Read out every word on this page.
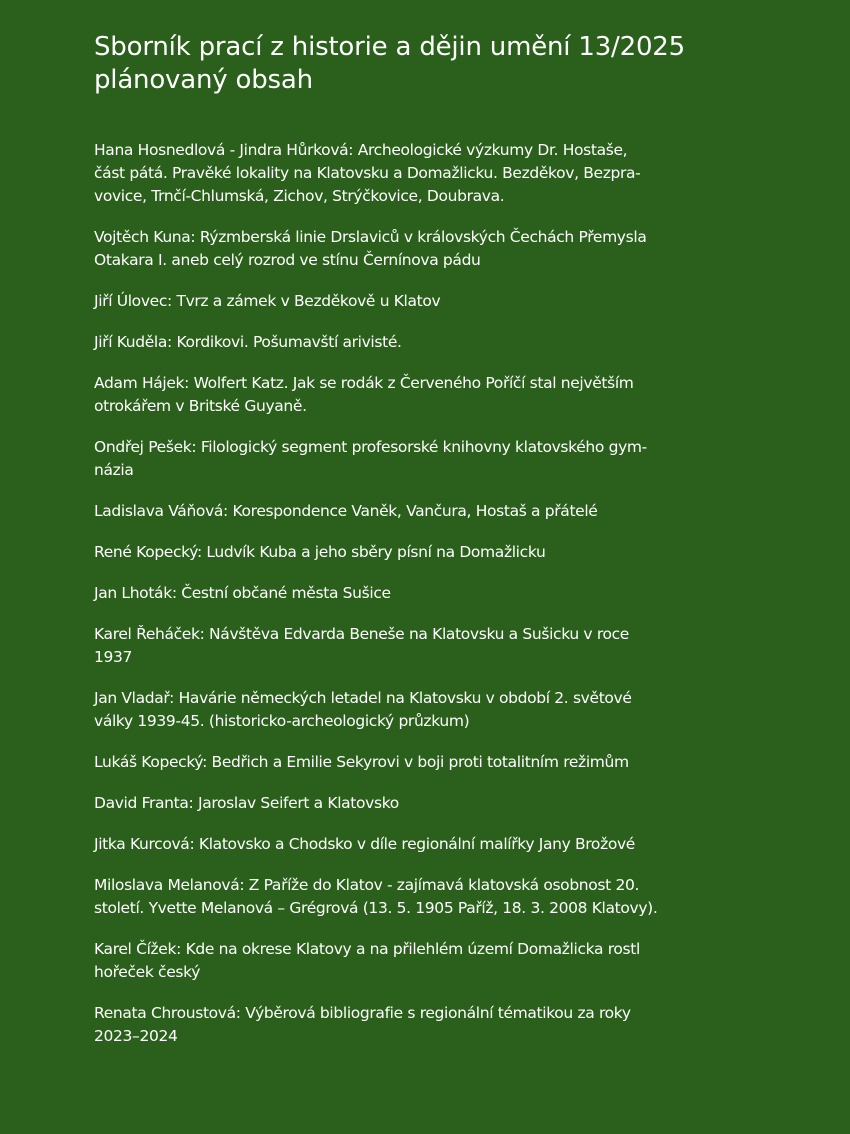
Sborník prací z historie a dějin umění 13/2025
plánovaný obsah
Hana Hosnedlová - Jindra Hůrková: Archeologické výzkumy Dr. Hostaše,
část pátá. Pravěké lokality na Klatovsku a Domažlicku. Bezděkov, Bezpra-
vovice, Trnčí-Chlumská, Zichov, Strýčkovice, Doubrava.
Vojtěch Kuna: Rýzmberská linie Drslaviců v královských Čechách Přemysla
Otakara I. aneb celý rozrod ve stínu Černínova pádu
Jiří Úlovec: Tvrz a zámek v Bezděkově u Klatov
Jiří Kuděla: Kordikovi. Pošumavští arivisté.
Adam Hájek: Wolfert Katz. Jak se rodák z Červeného Poříčí stal největším
otrokářem v Britské Guyaně.
Ondřej Pešek: Filologický segment profesorské knihovny klatovského gym-
názia
Ladislava Váňová: Korespondence Vaněk, Vančura, Hostaš a přátelé
René Kopecký: Ludvík Kuba a jeho sběry písní na Domažlicku
Jan Lhoták: Čestní občané města Sušice
Karel Řeháček: Návštěva Edvarda Beneše na Klatovsku a Sušicku v roce
1937
Jan Vladař: Havárie německých letadel na Klatovsku v období 2. světové
války 1939-45. (historicko-archeologický průzkum)
Lukáš Kopecký: Bedřich a Emilie Sekyrovi v boji proti totalitním režimům
David Franta: Jaroslav Seifert a Klatovsko
Jitka Kurcová: Klatovsko a Chodsko v díle regionální malířky Jany Brožové
Miloslava Melanová: Z Paříže do Klatov - zajímavá klatovská osobnost 20.
století. Yvette Melanová – Grégrová (13. 5. 1905 Paříž, 18. 3. 2008 Klatovy).
Karel Čížek: Kde na okrese Klatovy a na přilehlém území Domažlicka rostl
hořeček český
Renata Chroustová: Výběrová bibliografie s regionální tématikou za roky
2023–2024
